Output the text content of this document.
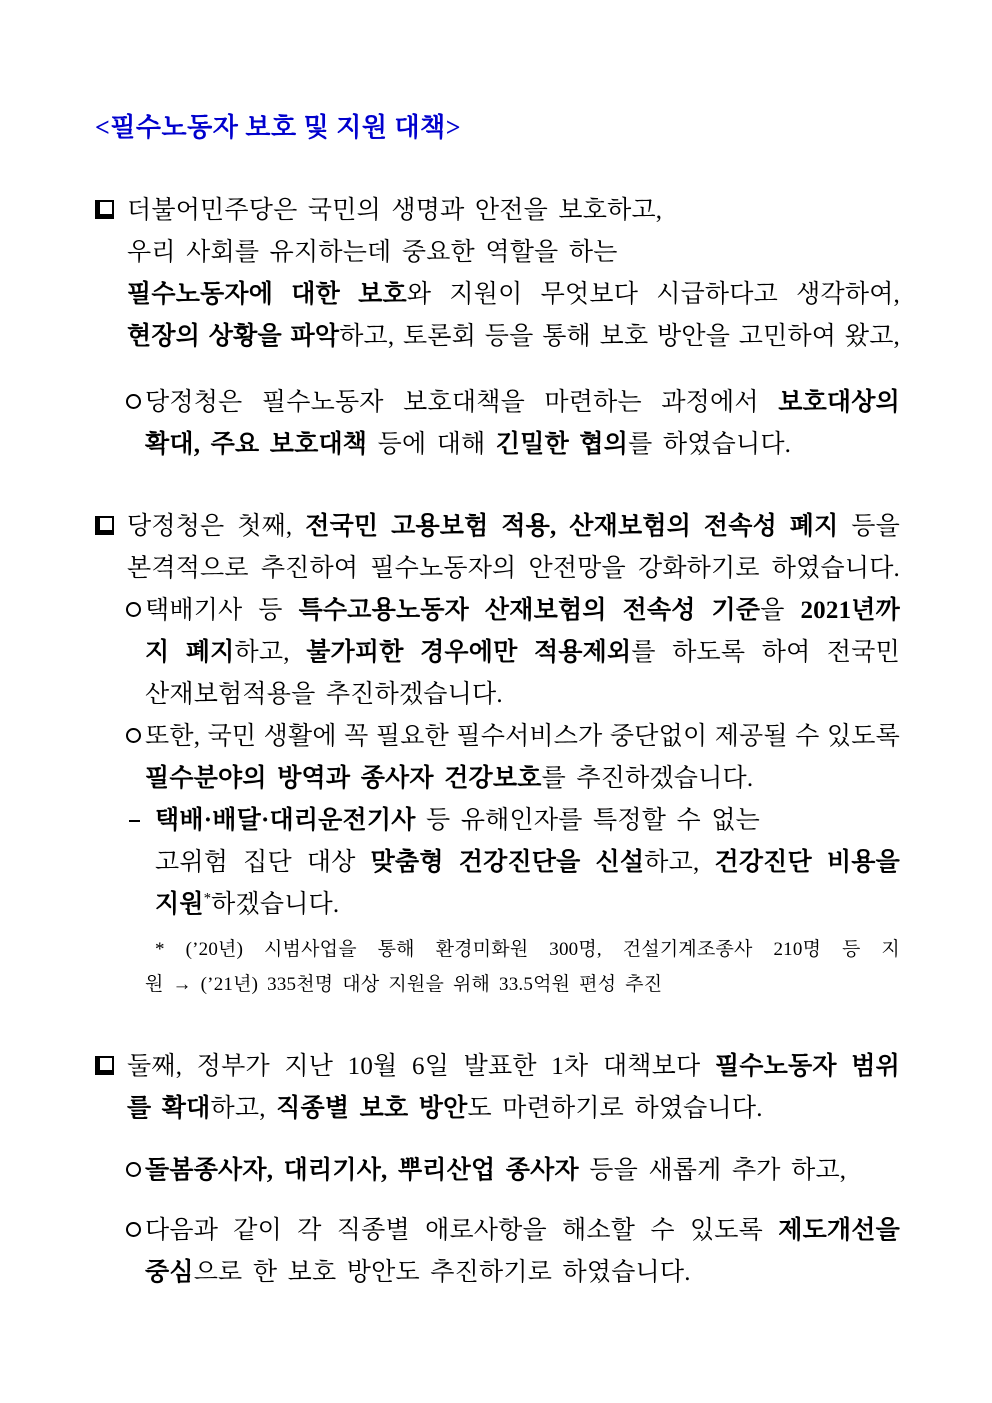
<필수노동자 보호 및 지원 대책>
더불어민주당은 국민의 생명과 안전을 보호하고,
우리 사회를 유지하는데 중요한 역할을 하는
필수노동자에 대한 보호와 지원이 무엇보다 시급하다고 생각하여,
현장의 상황을 파악하고, 토론회 등을 통해 보호 방안을 고민하여 왔고,
당정청은 필수노동자 보호대책을 마련하는 과정에서 보호대상의
확대, 주요 보호대책 등에 대해 긴밀한 협의를 하였습니다.
당정청은 첫째, 전국민 고용보험 적용, 산재보험의 전속성 폐지 등을
본격적으로 추진하여 필수노동자의 안전망을 강화하기로 하였습니다.
택배기사 등 특수고용노동자 산재보험의 전속성 기준을 2021년까
지 폐지하고, 불가피한 경우에만 적용제외를 하도록 하여 전국민
산재보험적용을 추진하겠습니다.
또한, 국민 생활에 꼭 필요한 필수서비스가 중단없이 제공될 수 있도록
필수분야의 방역과 종사자 건강보호를 추진하겠습니다.
택배·배달·대리운전기사 등 유해인자를 특정할 수 없는
고위험 집단 대상 맞춤형 건강진단을 신설하고, 건강진단 비용을
지원*하겠습니다.
* (’20년) 시범사업을 통해 환경미화원 300명, 건설기계조종사 210명 등 지
원 → (’21년) 335천명 대상 지원을 위해 33.5억원 편성 추진
둘째, 정부가 지난 10월 6일 발표한 1차 대책보다 필수노동자 범위
를 확대하고, 직종별 보호 방안도 마련하기로 하였습니다.
돌봄종사자, 대리기사, 뿌리산업 종사자 등을 새롭게 추가 하고,
다음과 같이 각 직종별 애로사항을 해소할 수 있도록 제도개선을
중심으로 한 보호 방안도 추진하기로 하였습니다.
